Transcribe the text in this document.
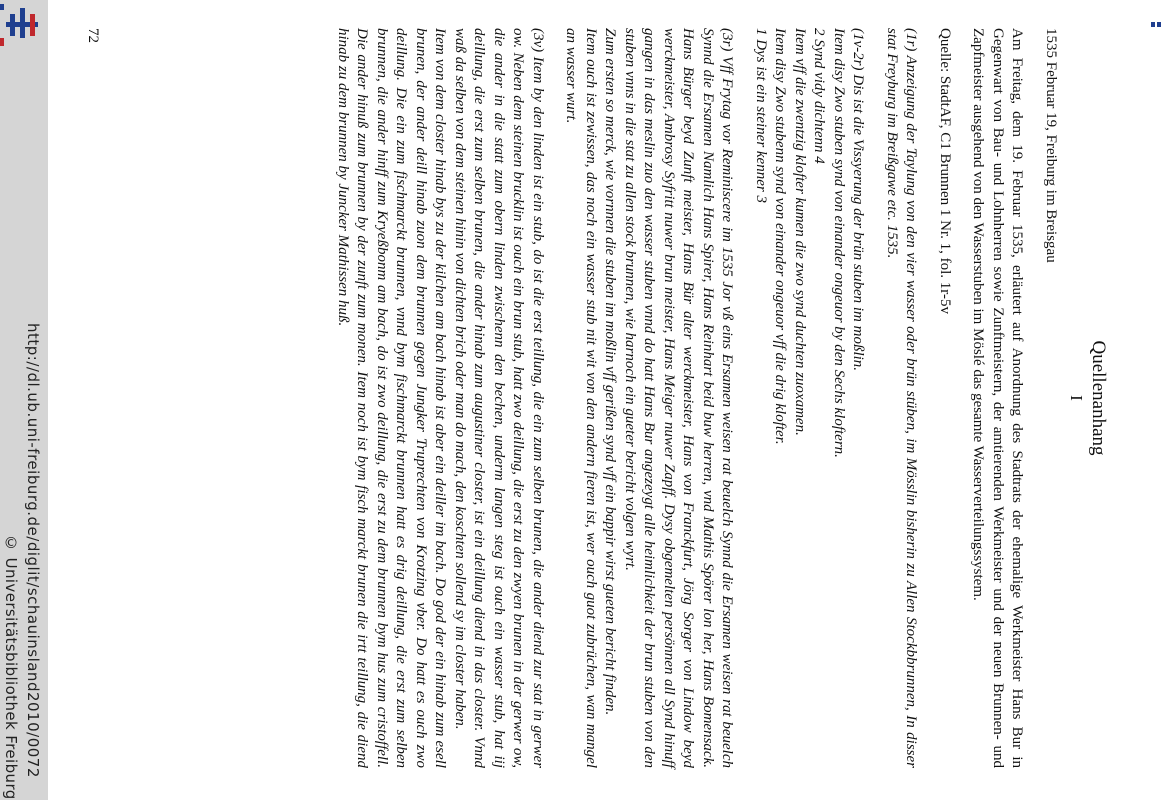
http://dl.ub.uni-freiburg.de/diglit/schauinsland2010/0072
© Universitätsbibliothek Freiburg

Quellenanhang

I

1535 Februar 19, Freiburg im Breisgau

Am Freitag, dem 19. Februar 1535, erläutert auf Anordnung des Stadtrats der ehemalige Werkmeister Hans Bur in Gegenwart von Bau- und Lohnherren sowie Zunftmeistern, der amtierenden Werkmeister und der neuen Brunnen- und Zapfmeister ausgehend von den Wasserstuben im Möslé das gesamte Wasserverteilungssystem.

Quelle: StadtAF, C1 Brunnen 1 Nr. 1, fol. 1r-5v

(1r) Anzeigung der Taylung von den vier wasser oder brün stüben, im Mösslin bisherin zu Allen Stockbbrunnen, In disser stat Freyburg im Breißgawe etc. 1535.

(1v-2r) Dis ist die Vissyerung der brün stuben im moßlin.
Item disy Zwo stuben synd von einander ongeuor by den Sechs kloftern.
2 Synd vidy dichtenn 4
Item vff die zwentzig klofter kumen die zwo synd duchten zuoxamen.
Item disy Zwo stubenn synd von einander ongeuor vff die drig klofter.
1 Dys ist ein steiner kenner 3

(3r) Vff Frytag vor Reminiscere im 1535 Jor vß eins Ersamen weisen rat beuelch Synnd die Ersamen weisen rat beuelch Synnd die Ersamen Namlich Hans Spirer, Hans Reinhart beid buw herren, vnd Mathis Spörer lon her, Hans Bomensack. Hans Bürger beyd Zunft meister, Hans Bür alter werckmeister, Hans von Franckfurt, Jörg Sorger von Lindow beyd werckmeister, Ambrosy Syfritt nuwer brun meister, Hans Meiger nuwer Zapff. Dysy obgemelten persönnen all Synd hinuff gangen in das meslin zuo den wasser stuben vnnd do hatt Hans Bur angezeygt alle heimlichkeit der brun stuben von den stuben vnns in die stat zu allen stock brunnen, wie harnoch ein gueter bericht volgen wyrt.

Zum ersten so merck, wie vornnen die stuben im moßlin vff gerißen synd vff ein bappir wirst gueten bericht finden.

Item ouch ist zewissen, das noch ein wasser stub nit wit von den andern fieren ist, wer ouch guot zubrüchen, wan mangel an wasser wurt.

(3v) Item by den linden ist ein stub, do ist die erst teillung, die ein zum selben brunen, die ander diend zur stat in gerwer ow. Neben dem steinen brucklin ist ouch ein brun stub, hatt zwo deillung, die erst zu den zwyen brunen in der gerwer ow, die ander in die statt zum obern linden zwischenn den bechen, underm langen steg ist ouch ein wasser stub, hat iij deillung, die erst zum selben brunen, die ander hinab zum augustiner closter, ist ein deillung diend in das closter. Vnnd waß da selben von dem steinen hinin von dichten brich oder man do mach, den koschten sollend sy im closter haben.

Item von dem closter hinab bys zu der kilchen am bach hinab ist aber ein deiller im bach. Do god der ein hinab zum esell brunen, der ander deill hinab zuon dem brunnen gegen Jungker Truprechten von Krotzing vber. Do hatt es ouch zwo deillung. Die ein zum fischmarckt brunnen, vnnd bym fischmarckt brunnen hatt es drig deillung, die erst zum selben brunnen, die ander hinff zum Kryeßbonm am bach, do ist zwo deillung, die erst zu dem brunnen bym hus zum cristoffell. Die ander hinuß zum brunnen by der zunft zum monen. Item noch ist bym fisch marckt brunen die irtt teillung, die diend hinab zu dem brunnen by Juncker Mathissen huß.

72
